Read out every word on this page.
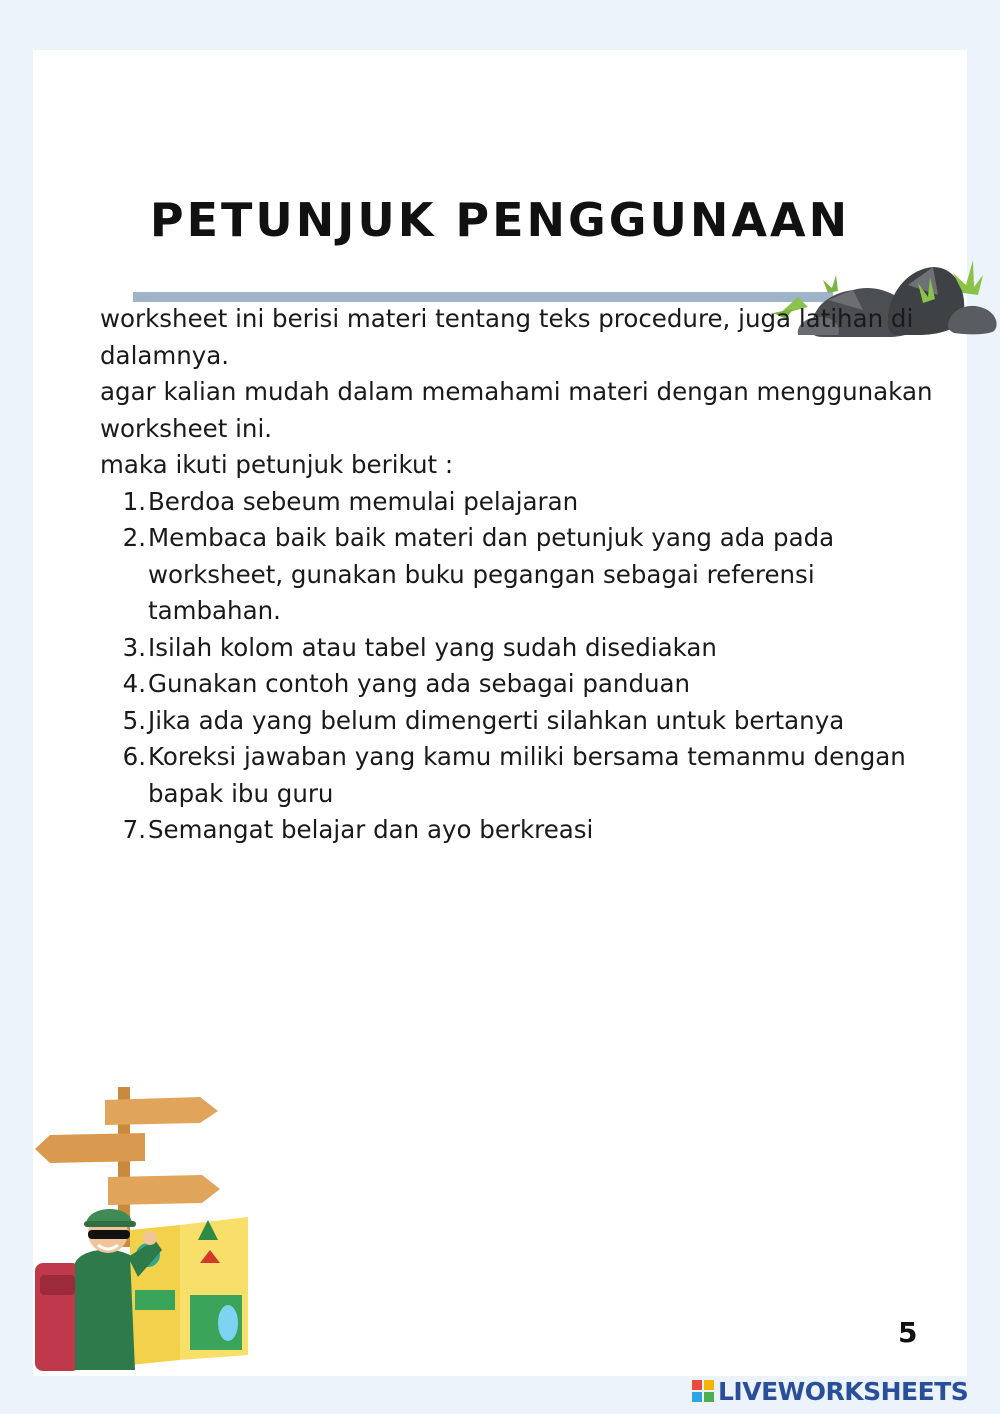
PETUNJUK PENGGUNAAN
5

worksheet ini berisi materi tentang teks procedure, juga latihan di dalamnya.

agar kalian mudah dalam memahami materi dengan menggunakan worksheet ini.

maka ikuti petunjuk berikut :

1. Berdoa sebeum memulai pelajaran
2. Membaca baik baik materi dan petunjuk yang ada pada worksheet, gunakan buku pegangan sebagai referensi tambahan.
3. Isilah kolom atau tabel yang sudah disediakan
4. Gunakan contoh yang ada sebagai panduan
5. Jika ada yang belum dimengerti silahkan untuk bertanya
6. Koreksi jawaban yang kamu miliki bersama temanmu dengan bapak ibu guru
7. Semangat belajar dan ayo berkreasi
LIVEWORKSHEETS
